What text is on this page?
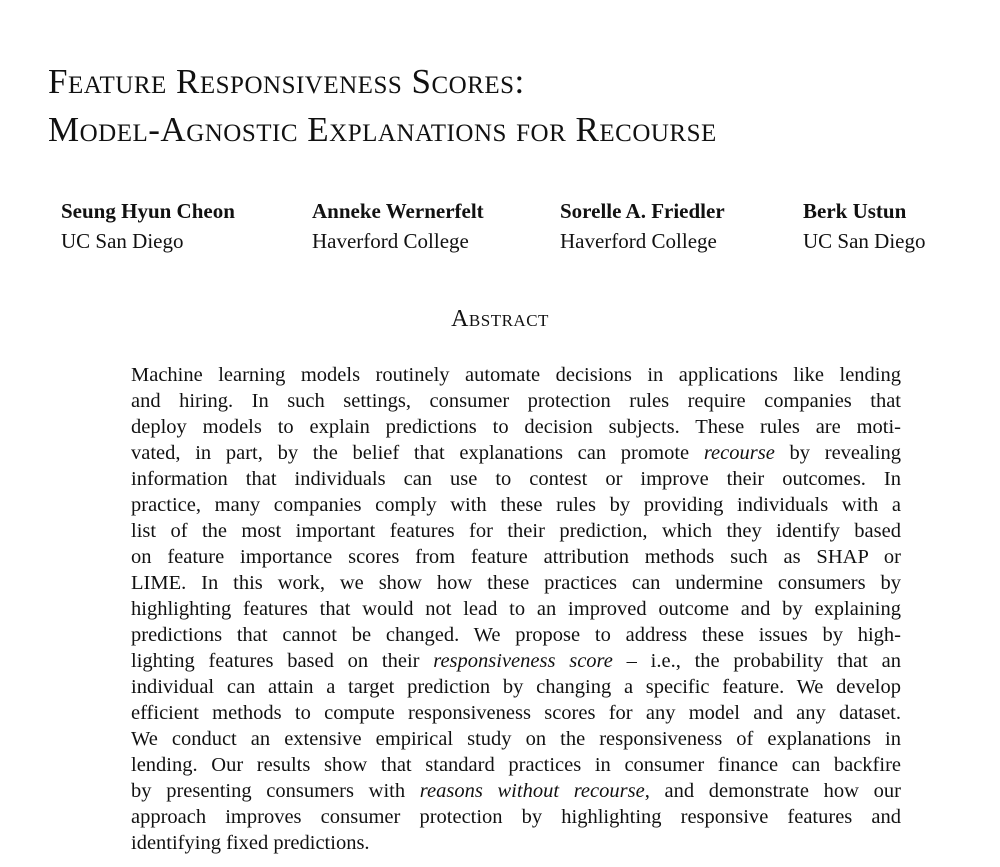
Feature Responsiveness Scores:
Model-Agnostic Explanations for Recourse
Seung Hyun Cheon
UC San Diego
Anneke Wernerfelt
Haverford College
Sorelle A. Friedler
Haverford College
Berk Ustun
UC San Diego
Abstract
Machine learning models routinely automate decisions in applications like lending
and hiring. In such settings, consumer protection rules require companies that
deploy models to explain predictions to decision subjects. These rules are moti-
vated, in part, by the belief that explanations can promote recourse by revealing
information that individuals can use to contest or improve their outcomes. In
practice, many companies comply with these rules by providing individuals with a
list of the most important features for their prediction, which they identify based
on feature importance scores from feature attribution methods such as SHAP or
LIME. In this work, we show how these practices can undermine consumers by
highlighting features that would not lead to an improved outcome and by explaining
predictions that cannot be changed. We propose to address these issues by high-
lighting features based on their responsiveness score – i.e., the probability that an
individual can attain a target prediction by changing a specific feature. We develop
efficient methods to compute responsiveness scores for any model and any dataset.
We conduct an extensive empirical study on the responsiveness of explanations in
lending. Our results show that standard practices in consumer finance can backfire
by presenting consumers with reasons without recourse, and demonstrate how our
approach improves consumer protection by highlighting responsive features and
identifying fixed predictions.
